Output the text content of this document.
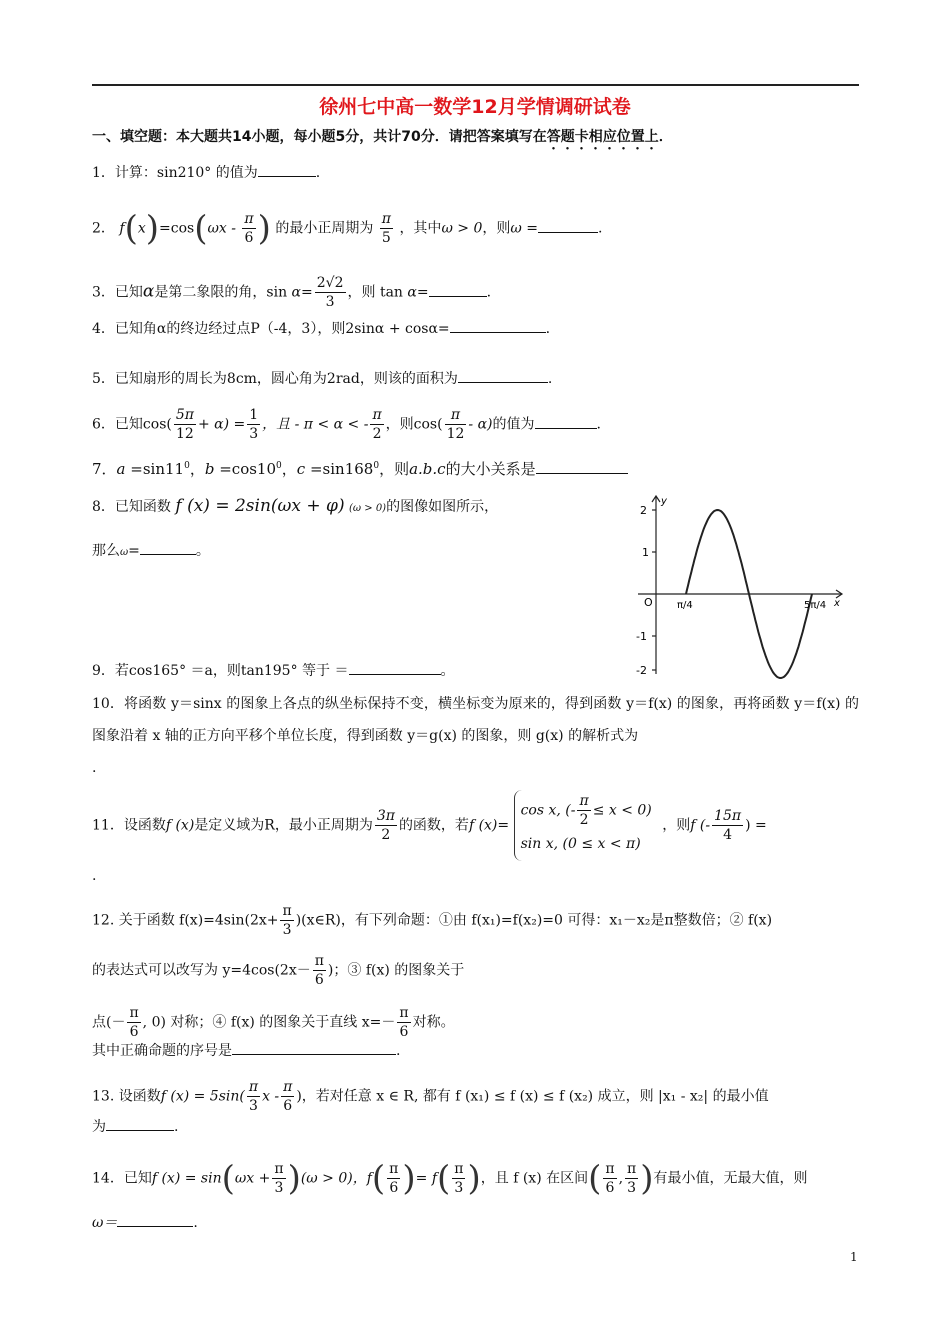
徐州七中高一数学12月学情调研试卷
一、填空题：本大题共14小题，每小题5分，共计70分．请把答案填写在答题卡相应位置上．
1．计算：sin210° 的值为	.
2． $f(x)=\cos(\omega x - \frac{\pi}{6}$ ) 的最小正周期为 $\frac{\pi}{5}$ ，其中ω > 0，则ω =	.
3．已知α是第二象限的角，$\sin \alpha= \frac{2√2}{3}$ ，则 tan α=	.
4．已知角α的终边经过点P（-4，3），则2sinα + cosα=	.
5．已知扇形的周长为8cm，圆心角为2rad，则该的面积为	.
6．已知$\cos( \frac{5\pi}{12} + \alpha) = \frac{1}{3}$ ，且 - π < α < - $\frac{\pi}{2}$ ，则$\cos( \frac{\pi}{12} - \alpha)$的值为	.
7．$a =\sin 11^0$，$b =\cos 10^0$，$c =\sin 168^0$，则a.b.c的大小关系是
8．已知函数 f (x) = 2sin(ωx + φ) (ω > 0)的图像如图所示，
那么ω=	。
2
1
-1
-2
O
y
x
π/4	5π/4
9．若cos165° ＝a，则tan195° 等于 ＝	。
10．将函数 y＝sinx 的图象上各点的纵坐标保持不变，横坐标变为原来的，得到函数 y＝f(x) 的图象，再将函数 y＝f(x) 的图象沿着 x 轴的正方向平移个单位长度，得到函数 y＝g(x) 的图象，则 g(x) 的解析式为
.
11．设函数f (x)是定义域为R，最小正周期为 $\frac{3\pi}{2}$ 的函数，若f (x)= cos x, (- $\frac{\pi}{2} \le x < 0$)
sin x, (0 ≤ x < π) ，则f (- $\frac{15\pi}{4}$ ) =
.
12. 关于函数 $f(x)=4\sin(2x+ \frac{\pi}{3}$ )(x∈R)，有下列命题：①由 f(x₁)=f(x₂)=0 可得：x₁－x₂是π整数倍；② f(x)
的表达式可以改写为 $y=4\cos(2x- \frac{\pi}{6}$ )；③ f(x) 的图象关于
点(－ $\frac{\pi}{6}$ , 0) 对称；④ f(x) 的图象关于直线 $x=- \frac{\pi}{6}$ 对称。
其中正确命题的序号是	.
13. 设函数f $(x) = 5\sin( \frac{\pi}{3}$ x - $\frac{\pi}{6}$ )，若对任意 x ∈ R, 都有 f (x₁) ≤ f (x) ≤ f (x₂) 成立，则 |x₁ - x₂| 的最小值
为	.
14．已知f $(x) = \sin(\omega x + \frac{\pi}{3} )(\omega > 0)$，$f( \frac{\pi}{6}$ )= $f( \frac{\pi}{3}$ )，且 f (x) 在区间( $\frac{\pi}{6}$ , $\frac{\pi}{3}$ )有最小值，无最大值，则
ω＝	.
1
